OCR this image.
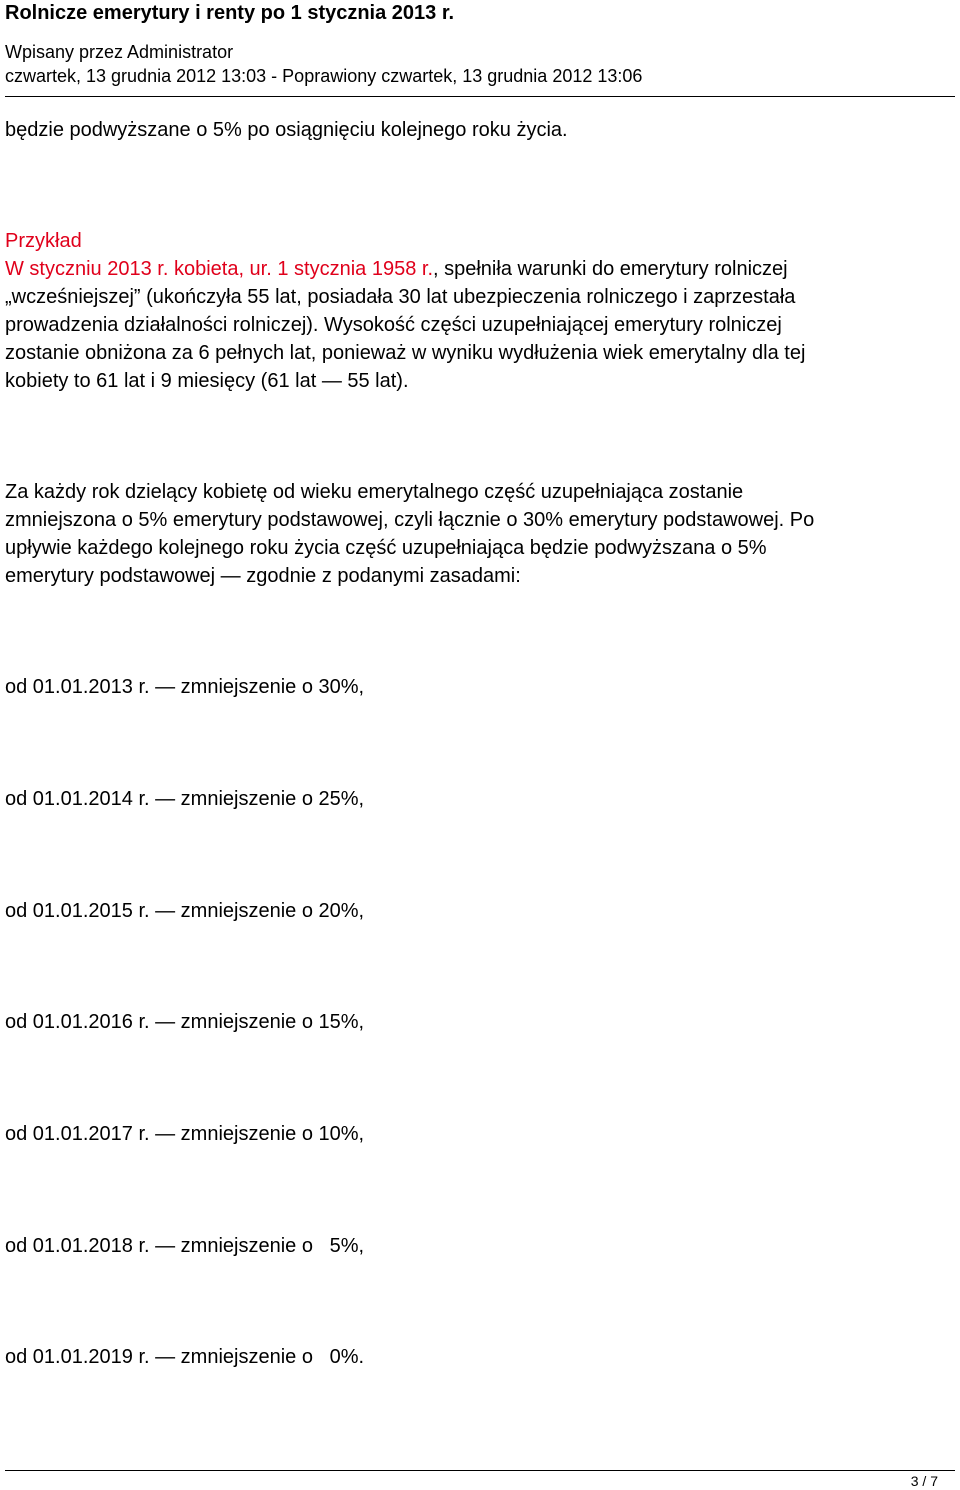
Rolnicze emerytury i renty po 1 stycznia 2013 r.
Wpisany przez Administrator
czwartek, 13 grudnia 2012 13:03 - Poprawiony czwartek, 13 grudnia 2012 13:06

będzie podwyższane o 5% po osiągnięciu kolejnego roku życia.

Przykład

W styczniu 2013 r. kobieta, ur. 1 stycznia 1958 r., spełniła warunki do emerytury rolniczej

„wcześniejszej” (ukończyła 55 lat, posiadała 30 lat ubezpieczenia rolniczego i zaprzestała

prowadzenia działalności rolniczej). Wysokość części uzupełniającej emerytury rolniczej

zostanie obniżona za 6 pełnych lat, ponieważ w wyniku wydłużenia wiek emerytalny dla tej

kobiety to 61 lat i 9 miesięcy (61 lat — 55 lat).

Za każdy rok dzielący kobietę od wieku emerytalnego część uzupełniająca zostanie

zmniejszona o 5% emerytury podstawowej, czyli łącznie o 30% emerytury podstawowej. Po

upływie każdego kolejnego roku życia część uzupełniająca będzie podwyższana o 5%

emerytury podstawowej — zgodnie z podanymi zasadami:

od 01.01.2013 r. — zmniejszenie o 30%,

od 01.01.2014 r. — zmniejszenie o 25%,

od 01.01.2015 r. — zmniejszenie o 20%,

od 01.01.2016 r. — zmniejszenie o 15%,

od 01.01.2017 r. — zmniejszenie o 10%,

od 01.01.2018 r. — zmniejszenie o   5%,

od 01.01.2019 r. — zmniejszenie o   0%.

3 / 7
